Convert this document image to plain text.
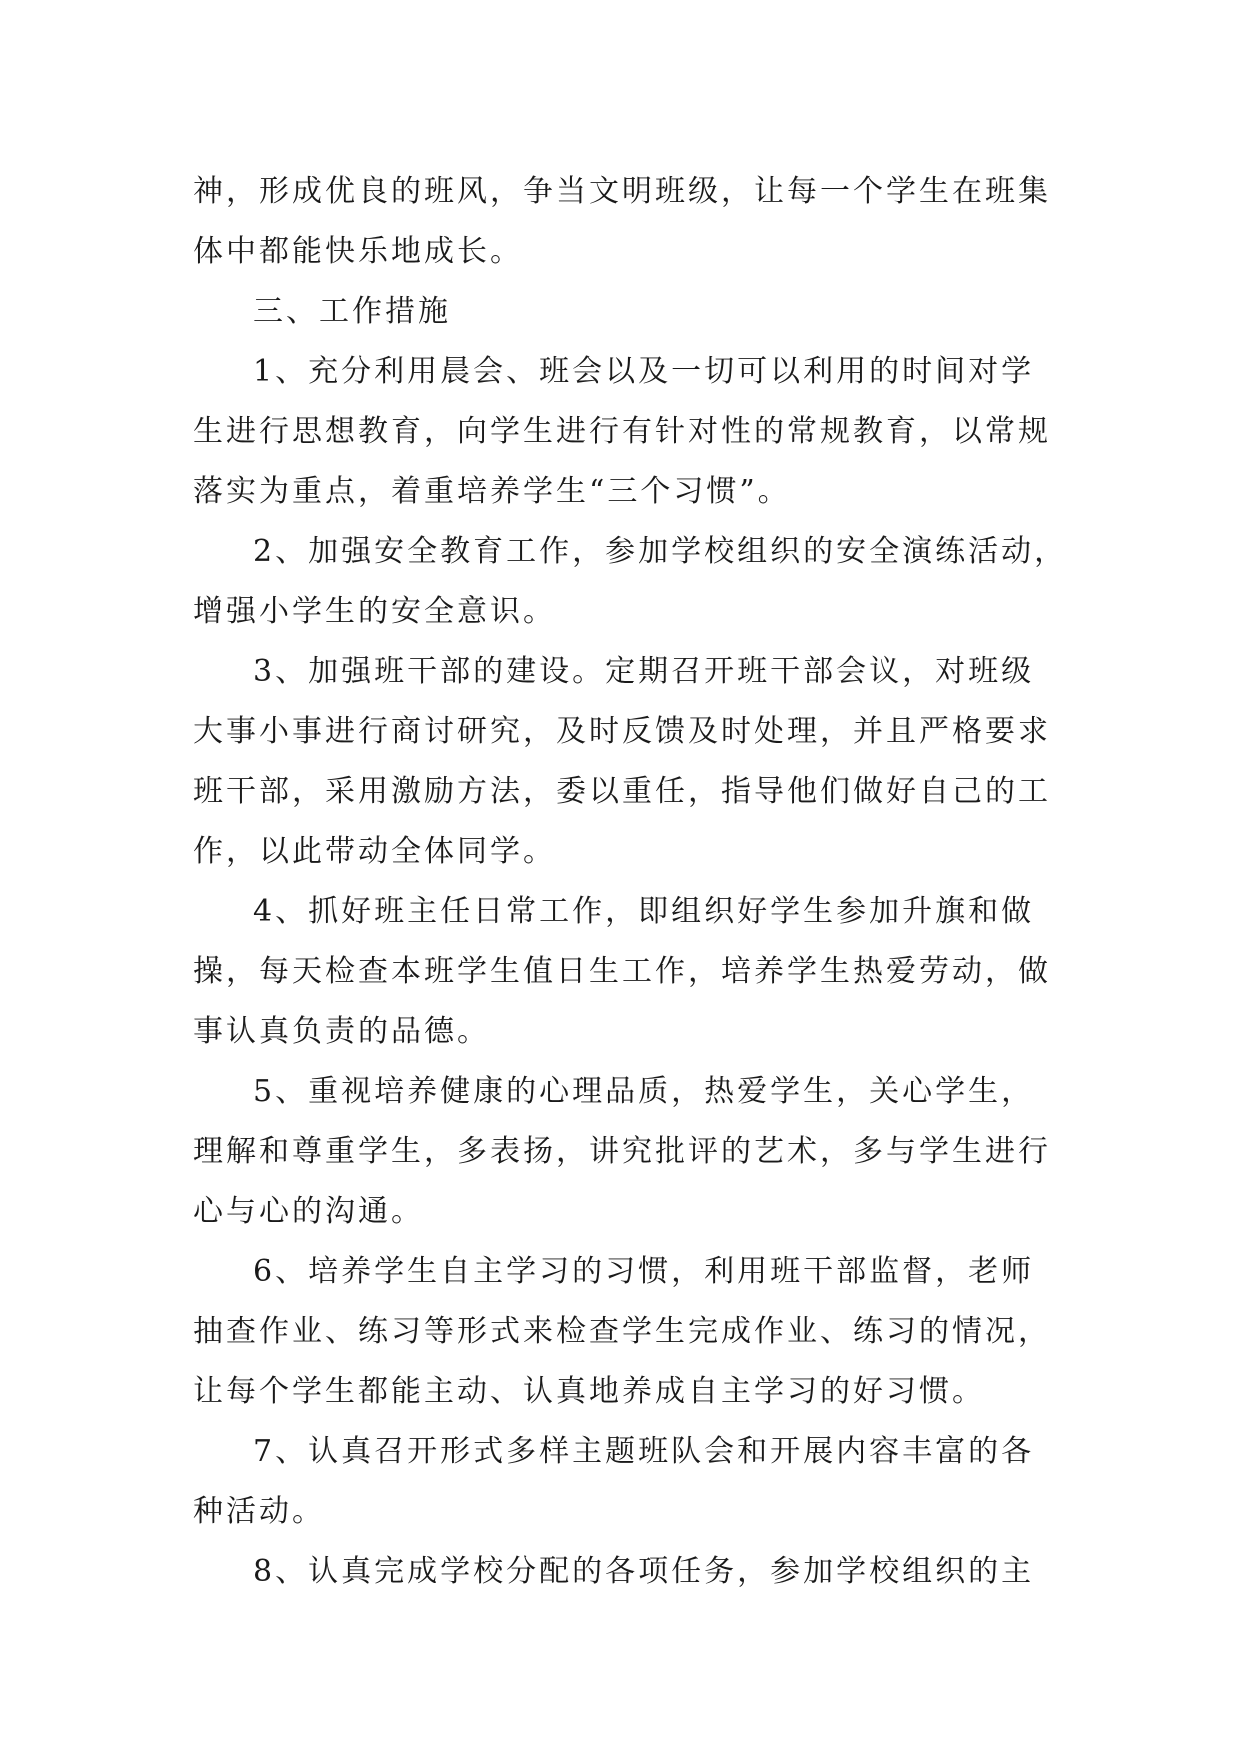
神，形成优良的班风，争当文明班级，让每一个学生在班集
体中都能快乐地成长。
三、工作措施
1、充分利用晨会、班会以及一切可以利用的时间对学
生进行思想教育，向学生进行有针对性的常规教育，以常规
落实为重点，着重培养学生“三个习惯”。
2、加强安全教育工作，参加学校组织的安全演练活动，
增强小学生的安全意识。
3、加强班干部的建设。定期召开班干部会议，对班级
大事小事进行商讨研究，及时反馈及时处理，并且严格要求
班干部，采用激励方法，委以重任，指导他们做好自己的工
作，以此带动全体同学。
4、抓好班主任日常工作，即组织好学生参加升旗和做
操，每天检查本班学生值日生工作，培养学生热爱劳动，做
事认真负责的品德。
5、重视培养健康的心理品质，热爱学生，关心学生，
理解和尊重学生，多表扬，讲究批评的艺术，多与学生进行
心与心的沟通。
6、培养学生自主学习的习惯，利用班干部监督，老师
抽查作业、练习等形式来检查学生完成作业、练习的情况，
让每个学生都能主动、认真地养成自主学习的好习惯。
7、认真召开形式多样主题班队会和开展内容丰富的各
种活动。
8、认真完成学校分配的各项任务，参加学校组织的主
